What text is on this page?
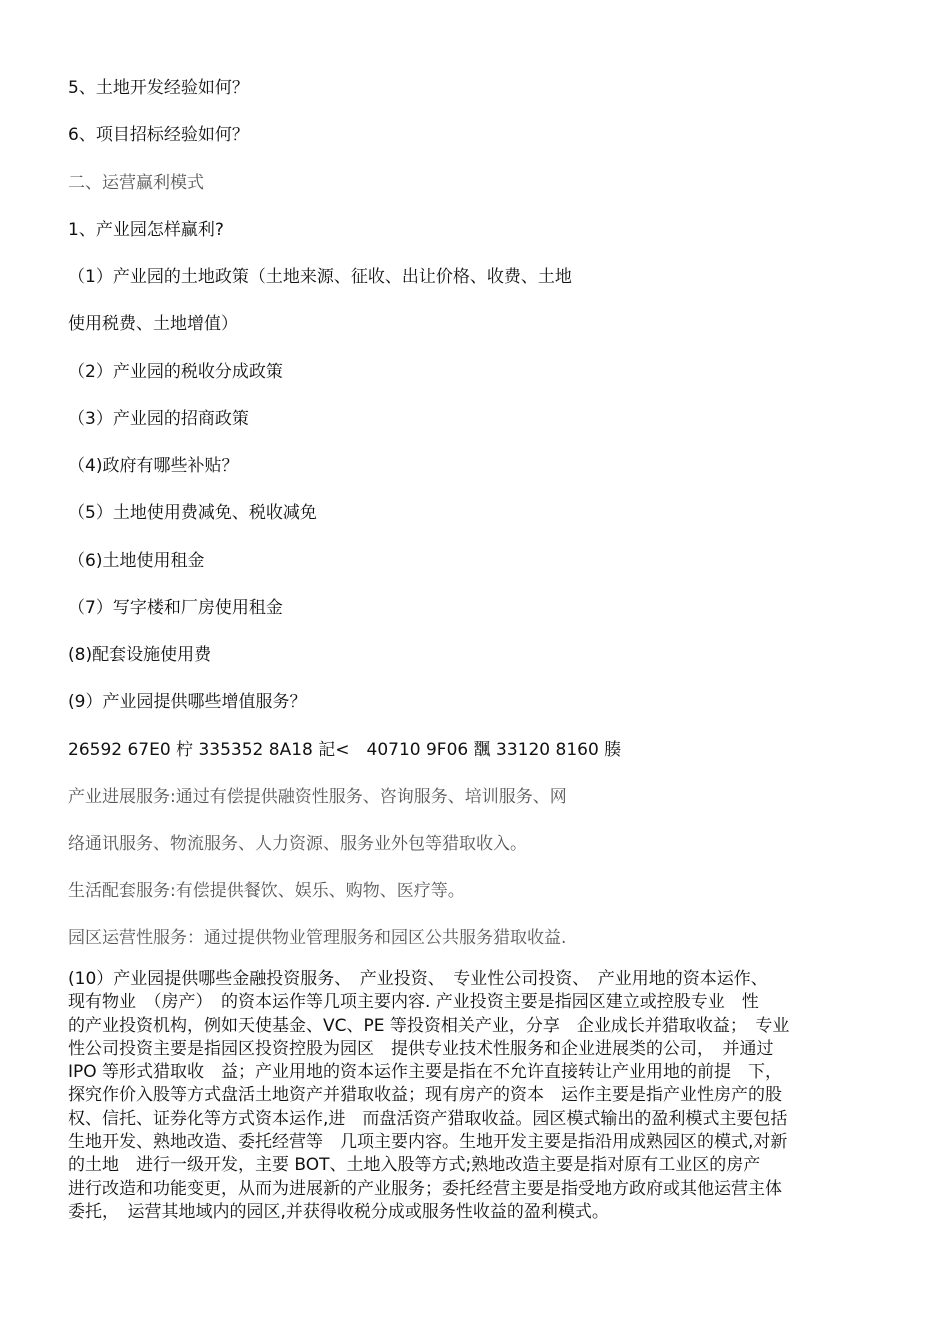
5、土地开发经验如何？
6、项目招标经验如何？
二、运营赢利模式
1、产业园怎样赢利?
（1）产业园的土地政策（土地来源、征收、出让价格、收费、土地
使用税费、土地增值）
（2）产业园的税收分成政策
（3）产业园的招商政策
（4)政府有哪些补贴？
（5）土地使用费减免、税收减免
（6)土地使用租金
（7）写字楼和厂房使用租金
(8)配套设施使用费
(9）产业园提供哪些增值服务？
26592 67E0 柠 335352 8A18 記<　40710 9F06 飁 33120 8160 腠
产业进展服务:通过有偿提供融资性服务、咨询服务、培训服务、网
络通讯服务、物流服务、人力资源、服务业外包等猎取收入。
生活配套服务:有偿提供餐饮、娱乐、购物、医疗等。
园区运营性服务：通过提供物业管理服务和园区公共服务猎取收益.
(10）产业园提供哪些金融投资服务、　产业投资、　专业性公司投资、　产业用地的资本运作、
现有物业　（房产）　的资本运作等几项主要内容. 产业投资主要是指园区建立或控股专业　性
的产业投资机构，例如天使基金、VC、PE 等投资相关产业，分享　企业成长并猎取收益；　专业
性公司投资主要是指园区投资控股为园区　提供专业技术性服务和企业进展类的公司，　并通过
IPO 等形式猎取收　益；产业用地的资本运作主要是指在不允许直接转让产业用地的前提　下，
探究作价入股等方式盘活土地资产并猎取收益；现有房产的资本　运作主要是指产业性房产的股
权、信托、证券化等方式资本运作,进　而盘活资产猎取收益。园区模式输出的盈利模式主要包括
生地开发、熟地改造、委托经营等　几项主要内容。生地开发主要是指沿用成熟园区的模式,对新
的土地　进行一级开发，主要 BOT、土地入股等方式;熟地改造主要是指对原有工业区的房产
进行改造和功能变更，从而为进展新的产业服务；委托经营主要是指受地方政府或其他运营主体
委托，　运营其地域内的园区,并获得收税分成或服务性收益的盈利模式。
